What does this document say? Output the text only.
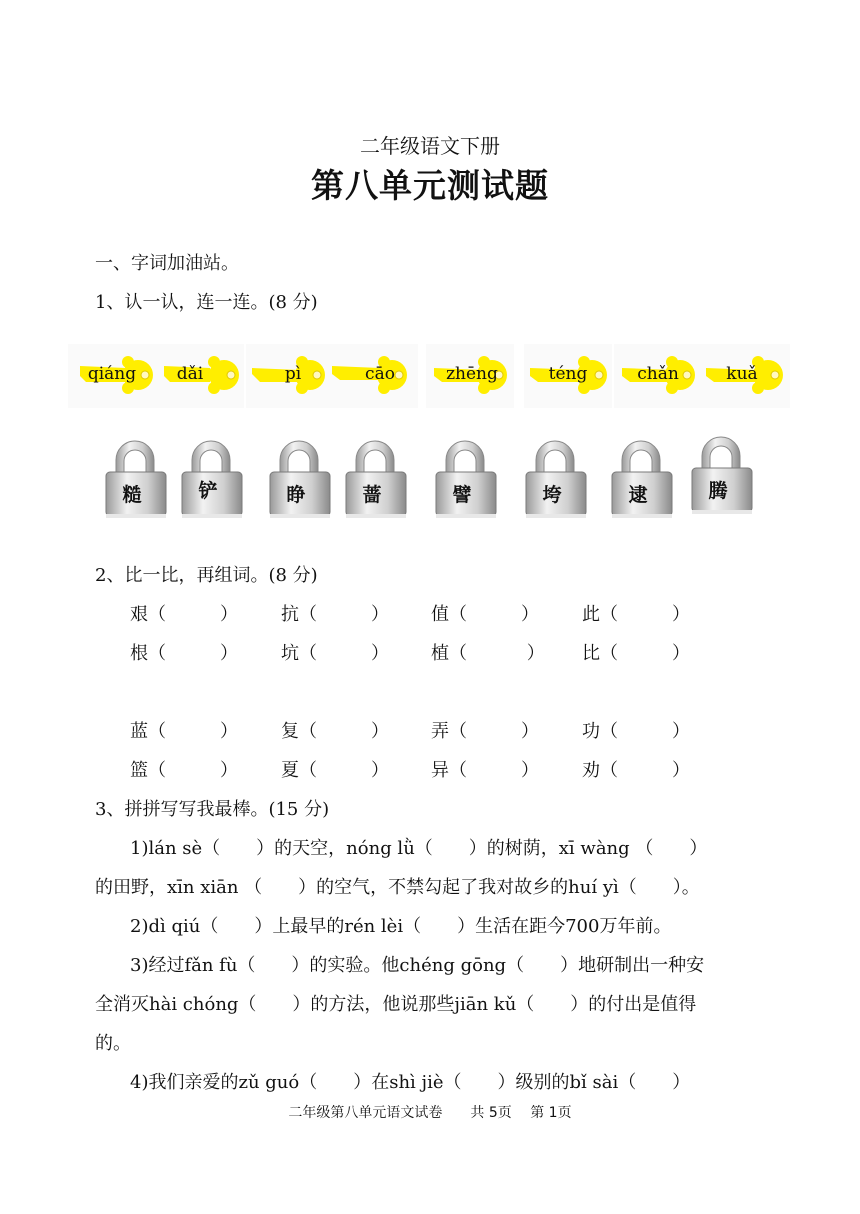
二年级语文下册
第八单元测试题
一、字词加油站。
1、认一认，连一连。(8 分)
qiáng	dǎi	pì	cāo	zhēng	téng	chǎn	kuǎ
糙	铲	睁	蔷	譬	垮	逮	腾
2、比一比，再组词。(8 分)
艰（　　　） 抗（　　　） 值（　　　） 此（　　　）
根（　　　） 坑（　　　） 植（　　　 ） 比（　　　）
蓝（　　　） 复（　　　） 弄（　　　） 功（　　　）
篮（　　　） 夏（　　　） 异（　　　） 劝（　　　）
3、拼拼写写我最棒。(15 分)
1)lán sè（　　）的天空，nóng lǜ（　　）的树荫，xī wàng （　　）
的田野，xīn xiān （　　）的空气，不禁勾起了我对故乡的huí yì（　　）。
2)dì qiú（　　）上最早的rén lèi（　　）生活在距今700万年前。
3)经过fǎn fù（　　）的实验。他chéng gōng（　　）地研制出一种安
全消灭hài chóng（　　）的方法，他说那些jiān kǔ（　　）的付出是值得
的。
4)我们亲爱的zǔ guó（　　）在shì jiè（　　）级别的bǐ sài（　　）
二年级第八单元语文试卷　　共 5页　 第 1页
